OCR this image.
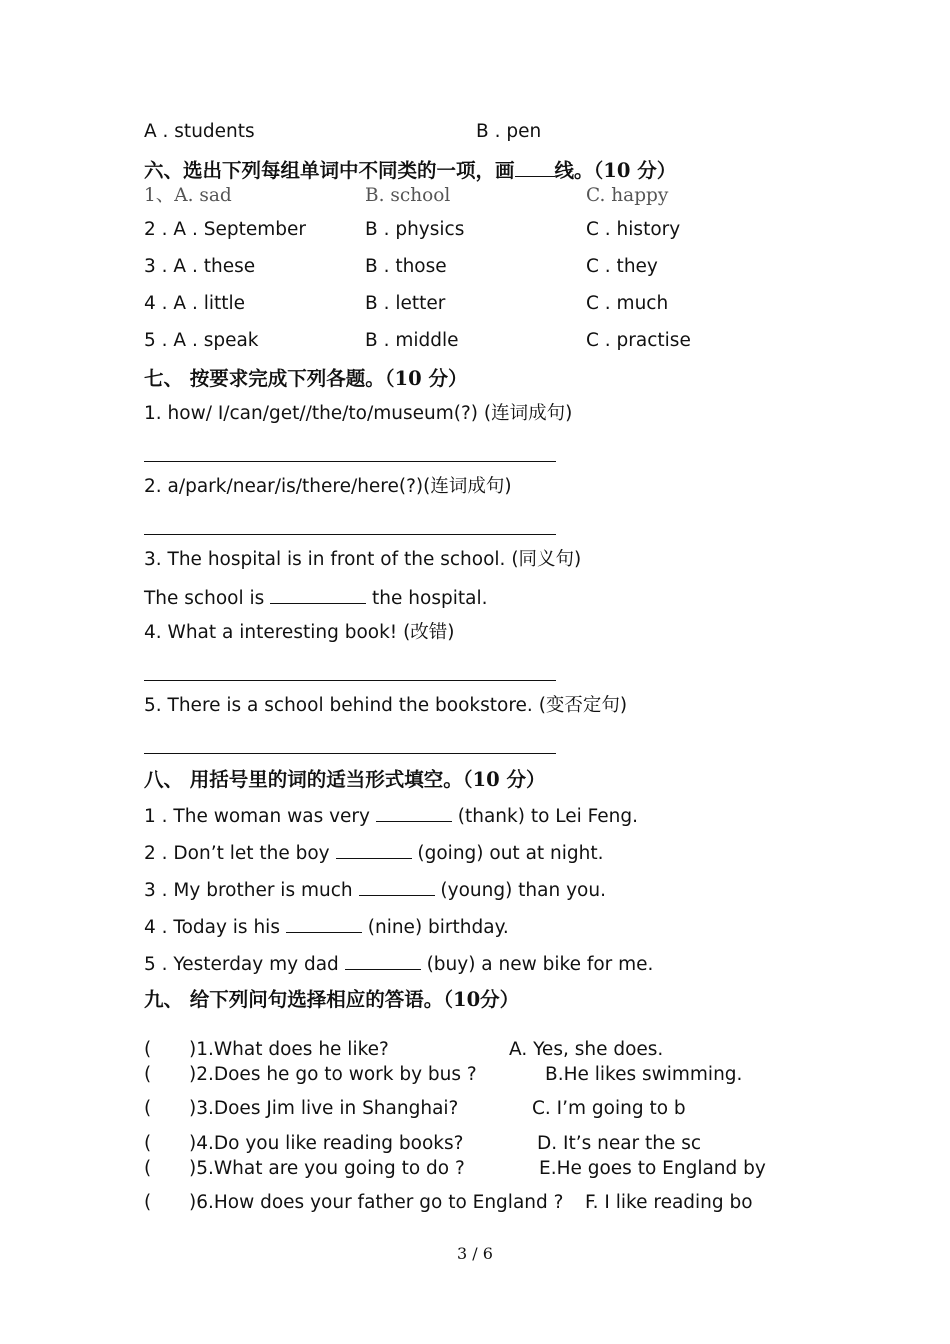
A . students	B . pen
六、选出下列每组单词中不同类的一项，画 线。（10 分）
1、A. sad	B. school	C. happy
2 . A . September	B . physics	C . history
3 . A . these	B . those	C . they
4 . A . little	B . letter	C . much
5 . A . speak	B . middle	C . practise
七、 按要求完成下列各题。（10 分）
1. how/ I/can/get//the/to/museum(?) (连词成句)
2. a/park/near/is/there/here(?)(连词成句)
3. The hospital is in front of the school. (同义句)
The school is	the hospital.
4. What a interesting book! (改错)
5. There is a school behind the bookstore. (变否定句)
八、 用括号里的词的适当形式填空。（10 分）
1 . The woman was very	(thank) to Lei Feng.
2 . Don’t let the boy	(going) out at night.
3 . My brother is much	(young) than you.
4 . Today is his	(nine) birthday.
5 . Yesterday my dad	(buy) a new bike for me.
九、 给下列问句选择相应的答语。（10分）
( )1.What does he like?	A. Yes, she does.
( )2.Does he go to work by bus ?	B.He likes swimming.
( )3.Does Jim live in Shanghai?	C. I’m going to b
( )4.Do you like reading books?	D. It’s near the sc
( )5.What are you going to do ?	E.He goes to England by
( )6.How does your father go to England ? F. I like reading bo
3 / 6
